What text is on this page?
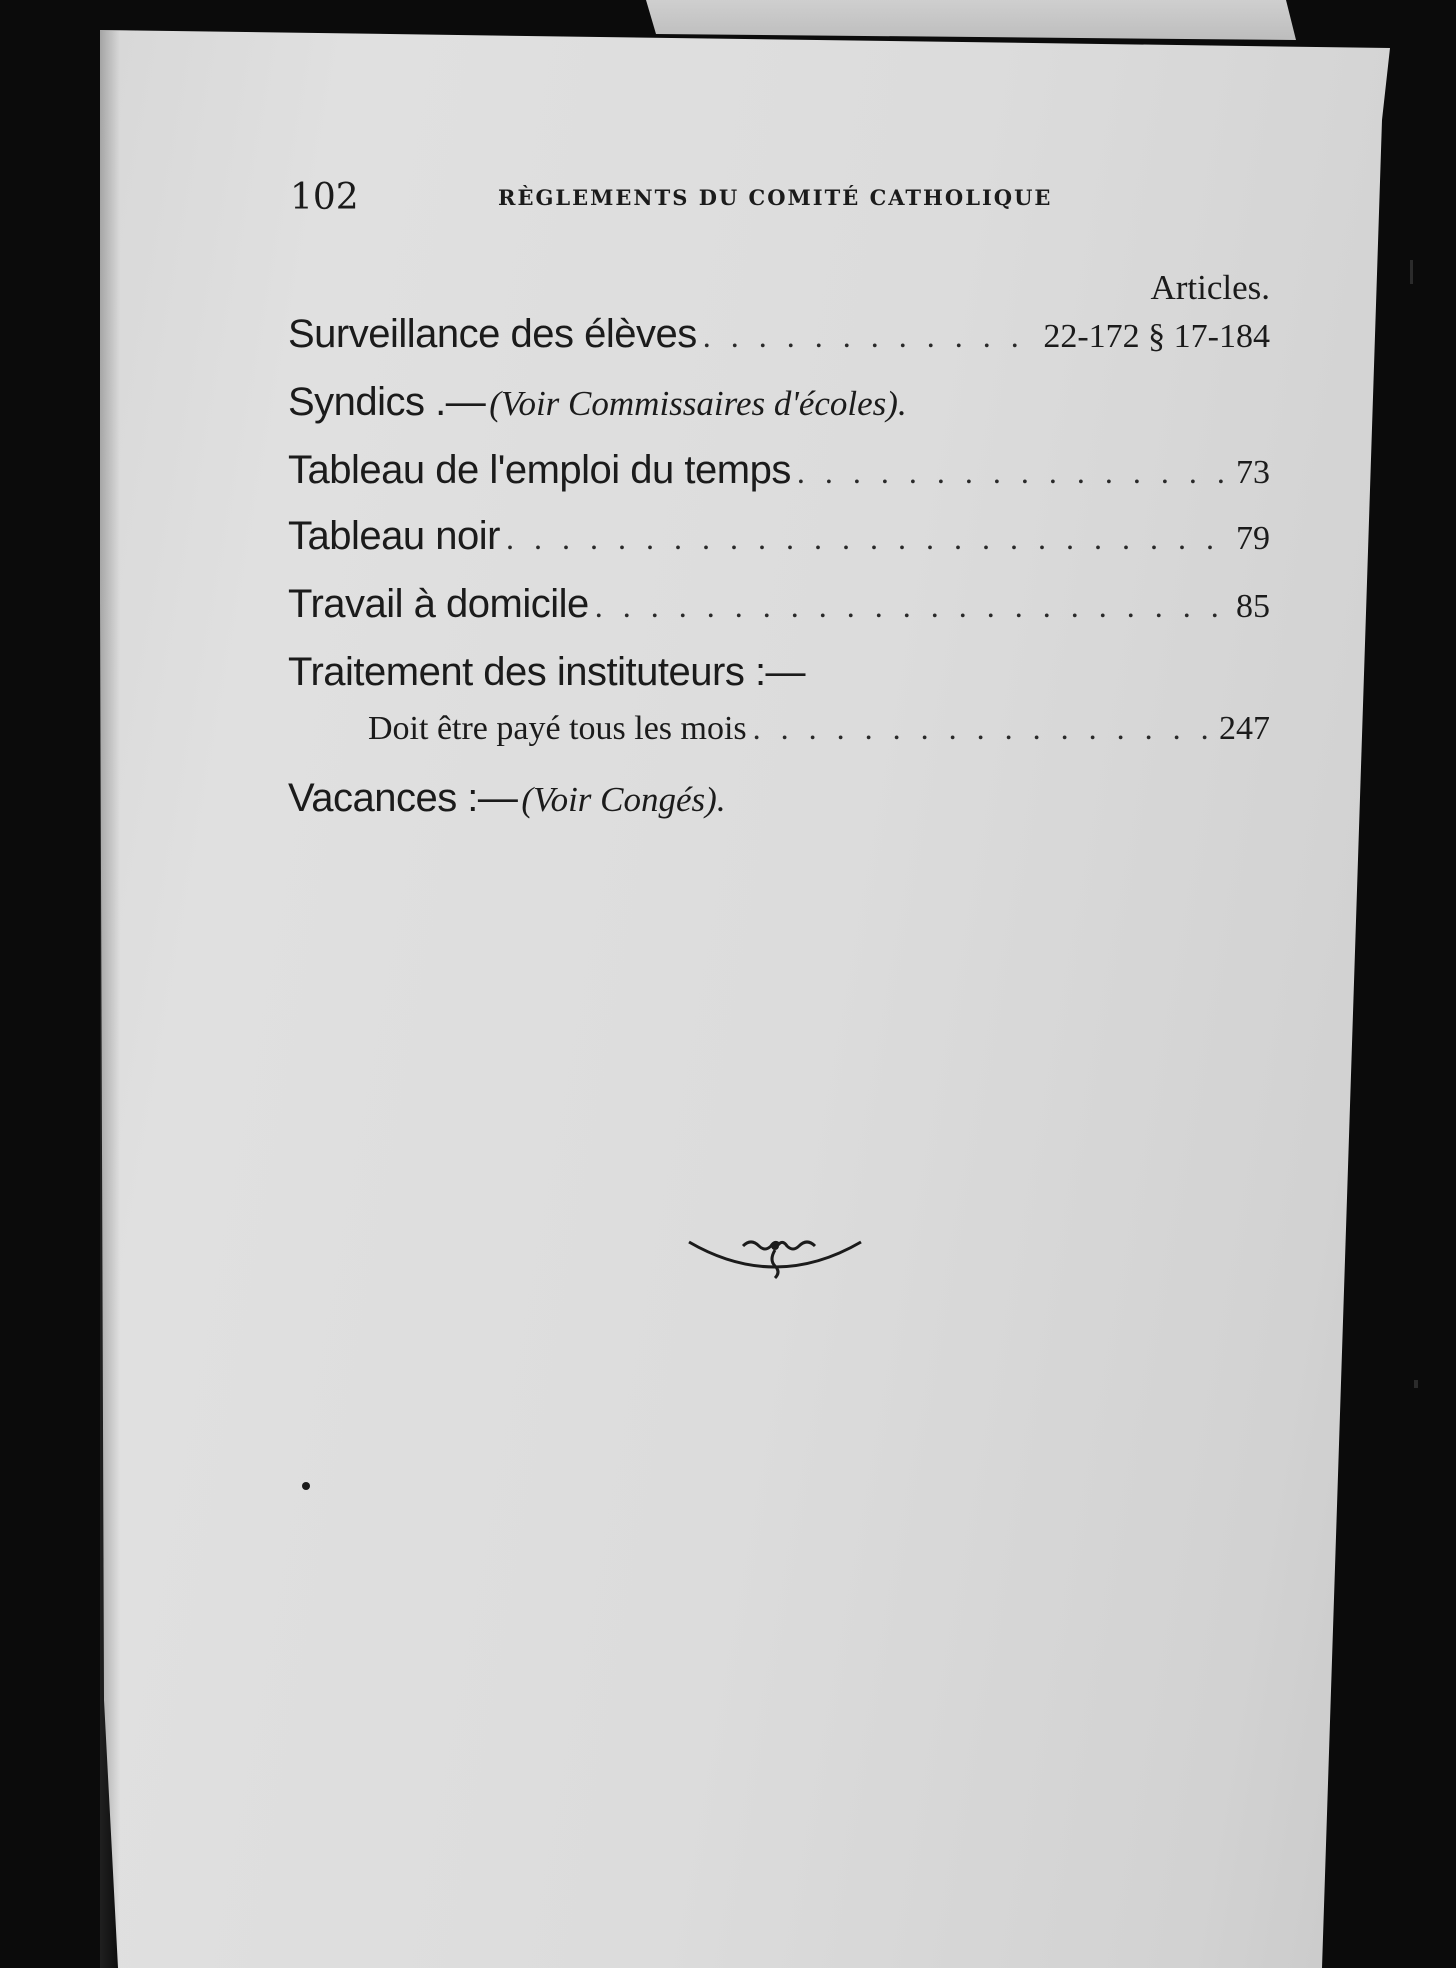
102	RÈGLEMENTS DU COMITÉ CATHOLIQUE
Articles.
Surveillance des élèves . . .	22-172 § 17-184
Syndics .— (Voir Commissaires d'écoles).
Tableau de l'emploi du temps . . .	73
Tableau noir . . .	79
Travail à domicile . . .	85
Traitement des instituteurs :—
Doit être payé tous les mois . . .	247
Vacances :— (Voir Congés).
